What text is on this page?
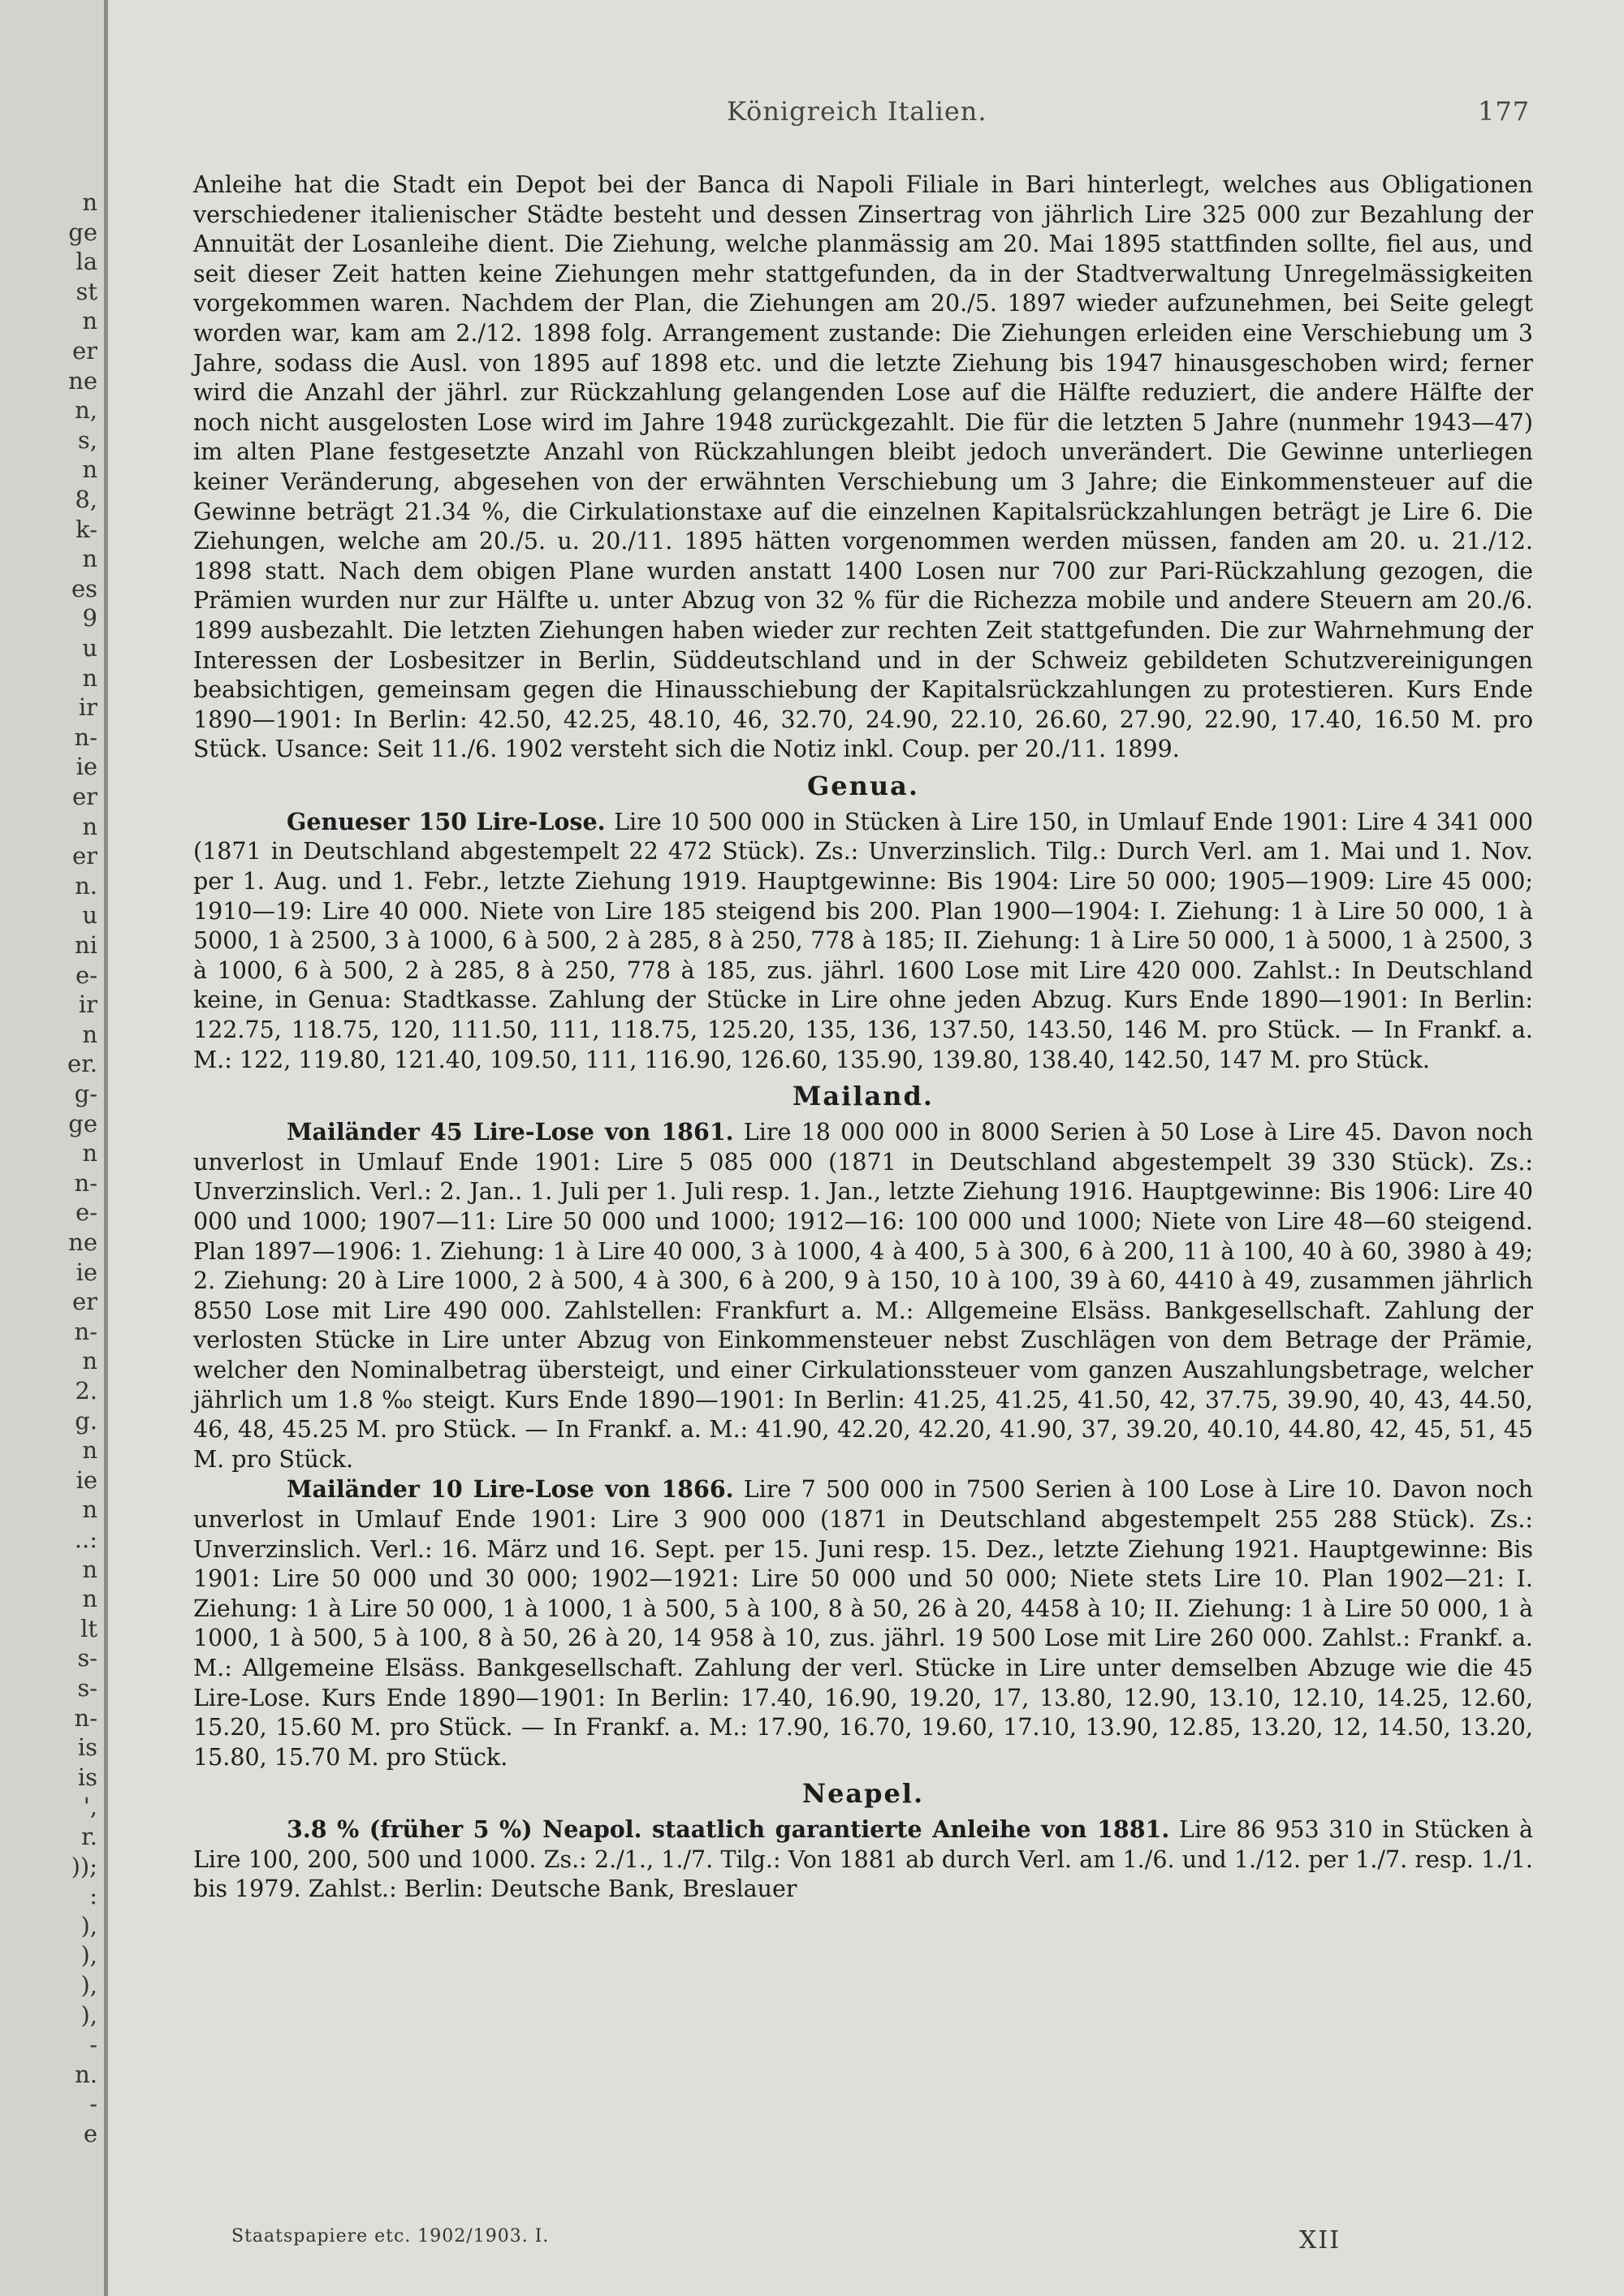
n
ge
la
st
n
er
ne
n,
s,
n
8,
k-
n
es
9
u
n
ir
n-
ie
er
n
er
n.
u
ni
e-
ir
n
er.
g-
ge
n
n-
e-
ne
ie
er
n-
n
2.
g.
n
ie
n
..:
n
n
lt
s-
s-
n-
is
is
',
r.
));
:
),
),
),
),
-
n.
-
e
Königreich Italien.	177

Anleihe hat die Stadt ein Depot bei der Banca di Napoli Filiale in Bari hinterlegt, welches aus Obligationen verschiedener italienischer Städte besteht und dessen Zinsertrag von jährlich Lire 325 000 zur Bezahlung der Annuität der Losanleihe dient. Die Ziehung, welche planmässig am 20. Mai 1895 stattfinden sollte, fiel aus, und seit dieser Zeit hatten keine Ziehungen mehr stattgefunden, da in der Stadtverwaltung Unregelmässigkeiten vorgekommen waren. Nachdem der Plan, die Ziehungen am 20./5. 1897 wieder aufzunehmen, bei Seite gelegt worden war, kam am 2./12. 1898 folg. Arrangement zustande: Die Ziehungen erleiden eine Verschiebung um 3 Jahre, sodass die Ausl. von 1895 auf 1898 etc. und die letzte Ziehung bis 1947 hinausgeschoben wird; ferner wird die Anzahl der jährl. zur Rückzahlung gelangenden Lose auf die Hälfte reduziert, die andere Hälfte der noch nicht ausgelosten Lose wird im Jahre 1948 zurückgezahlt. Die für die letzten 5 Jahre (nunmehr 1943—47) im alten Plane festgesetzte Anzahl von Rückzahlungen bleibt jedoch unverändert. Die Gewinne unterliegen keiner Veränderung, abgesehen von der erwähnten Verschiebung um 3 Jahre; die Einkommensteuer auf die Gewinne beträgt 21.34 %, die Cirkulationstaxe auf die einzelnen Kapitalsrückzahlungen beträgt je Lire 6. Die Ziehungen, welche am 20./5. u. 20./11. 1895 hätten vorgenommen werden müssen, fanden am 20. u. 21./12. 1898 statt. Nach dem obigen Plane wurden anstatt 1400 Losen nur 700 zur Pari-Rückzahlung gezogen, die Prämien wurden nur zur Hälfte u. unter Abzug von 32 % für die Richezza mobile und andere Steuern am 20./6. 1899 ausbezahlt. Die letzten Ziehungen haben wieder zur rechten Zeit stattgefunden. Die zur Wahrnehmung der Interessen der Losbesitzer in Berlin, Süddeutschland und in der Schweiz gebildeten Schutzvereinigungen beabsichtigen, gemeinsam gegen die Hinausschiebung der Kapitalsrückzahlungen zu protestieren. Kurs Ende 1890—1901: In Berlin: 42.50, 42.25, 48.10, 46, 32.70, 24.90, 22.10, 26.60, 27.90, 22.90, 17.40, 16.50 M. pro Stück. Usance: Seit 11./6. 1902 versteht sich die Notiz inkl. Coup. per 20./11. 1899.

Genua.

Genueser 150 Lire-Lose. Lire 10 500 000 in Stücken à Lire 150, in Umlauf Ende 1901: Lire 4 341 000 (1871 in Deutschland abgestempelt 22 472 Stück). Zs.: Unverzinslich. Tilg.: Durch Verl. am 1. Mai und 1. Nov. per 1. Aug. und 1. Febr., letzte Ziehung 1919. Hauptgewinne: Bis 1904: Lire 50 000; 1905—1909: Lire 45 000; 1910—19: Lire 40 000. Niete von Lire 185 steigend bis 200. Plan 1900—1904: I. Ziehung: 1 à Lire 50 000, 1 à 5000, 1 à 2500, 3 à 1000, 6 à 500, 2 à 285, 8 à 250, 778 à 185; II. Ziehung: 1 à Lire 50 000, 1 à 5000, 1 à 2500, 3 à 1000, 6 à 500, 2 à 285, 8 à 250, 778 à 185, zus. jährl. 1600 Lose mit Lire 420 000. Zahlst.: In Deutschland keine, in Genua: Stadtkasse. Zahlung der Stücke in Lire ohne jeden Abzug. Kurs Ende 1890—1901: In Berlin: 122.75, 118.75, 120, 111.50, 111, 118.75, 125.20, 135, 136, 137.50, 143.50, 146 M. pro Stück. — In Frankf. a. M.: 122, 119.80, 121.40, 109.50, 111, 116.90, 126.60, 135.90, 139.80, 138.40, 142.50, 147 M. pro Stück.

Mailand.

Mailänder 45 Lire-Lose von 1861. Lire 18 000 000 in 8000 Serien à 50 Lose à Lire 45. Davon noch unverlost in Umlauf Ende 1901: Lire 5 085 000 (1871 in Deutschland abgestempelt 39 330 Stück). Zs.: Unverzinslich. Verl.: 2. Jan.. 1. Juli per 1. Juli resp. 1. Jan., letzte Ziehung 1916. Hauptgewinne: Bis 1906: Lire 40 000 und 1000; 1907—11: Lire 50 000 und 1000; 1912—16: 100 000 und 1000; Niete von Lire 48—60 steigend. Plan 1897—1906: 1. Ziehung: 1 à Lire 40 000, 3 à 1000, 4 à 400, 5 à 300, 6 à 200, 11 à 100, 40 à 60, 3980 à 49; 2. Ziehung: 20 à Lire 1000, 2 à 500, 4 à 300, 6 à 200, 9 à 150, 10 à 100, 39 à 60, 4410 à 49, zusammen jährlich 8550 Lose mit Lire 490 000. Zahlstellen: Frankfurt a. M.: Allgemeine Elsäss. Bankgesellschaft. Zahlung der verlosten Stücke in Lire unter Abzug von Einkommensteuer nebst Zuschlägen von dem Betrage der Prämie, welcher den Nominalbetrag übersteigt, und einer Cirkulationssteuer vom ganzen Auszahlungsbetrage, welcher jährlich um 1.8 ‰ steigt. Kurs Ende 1890—1901: In Berlin: 41.25, 41.25, 41.50, 42, 37.75, 39.90, 40, 43, 44.50, 46, 48, 45.25 M. pro Stück. — In Frankf. a. M.: 41.90, 42.20, 42.20, 41.90, 37, 39.20, 40.10, 44.80, 42, 45, 51, 45 M. pro Stück.

Mailänder 10 Lire-Lose von 1866. Lire 7 500 000 in 7500 Serien à 100 Lose à Lire 10. Davon noch unverlost in Umlauf Ende 1901: Lire 3 900 000 (1871 in Deutschland abgestempelt 255 288 Stück). Zs.: Unverzinslich. Verl.: 16. März und 16. Sept. per 15. Juni resp. 15. Dez., letzte Ziehung 1921. Hauptgewinne: Bis 1901: Lire 50 000 und 30 000; 1902—1921: Lire 50 000 und 50 000; Niete stets Lire 10. Plan 1902—21: I. Ziehung: 1 à Lire 50 000, 1 à 1000, 1 à 500, 5 à 100, 8 à 50, 26 à 20, 4458 à 10; II. Ziehung: 1 à Lire 50 000, 1 à 1000, 1 à 500, 5 à 100, 8 à 50, 26 à 20, 14 958 à 10, zus. jährl. 19 500 Lose mit Lire 260 000. Zahlst.: Frankf. a. M.: Allgemeine Elsäss. Bankgesellschaft. Zahlung der verl. Stücke in Lire unter demselben Abzuge wie die 45 Lire-Lose. Kurs Ende 1890—1901: In Berlin: 17.40, 16.90, 19.20, 17, 13.80, 12.90, 13.10, 12.10, 14.25, 12.60, 15.20, 15.60 M. pro Stück. — In Frankf. a. M.: 17.90, 16.70, 19.60, 17.10, 13.90, 12.85, 13.20, 12, 14.50, 13.20, 15.80, 15.70 M. pro Stück.

Neapel.

3.8 % (früher 5 %) Neapol. staatlich garantierte Anleihe von 1881. Lire 86 953 310 in Stücken à Lire 100, 200, 500 und 1000. Zs.: 2./1., 1./7. Tilg.: Von 1881 ab durch Verl. am 1./6. und 1./12. per 1./7. resp. 1./1. bis 1979. Zahlst.: Berlin: Deutsche Bank, Breslauer

Staatspapiere etc. 1902/1903. I.	XII
